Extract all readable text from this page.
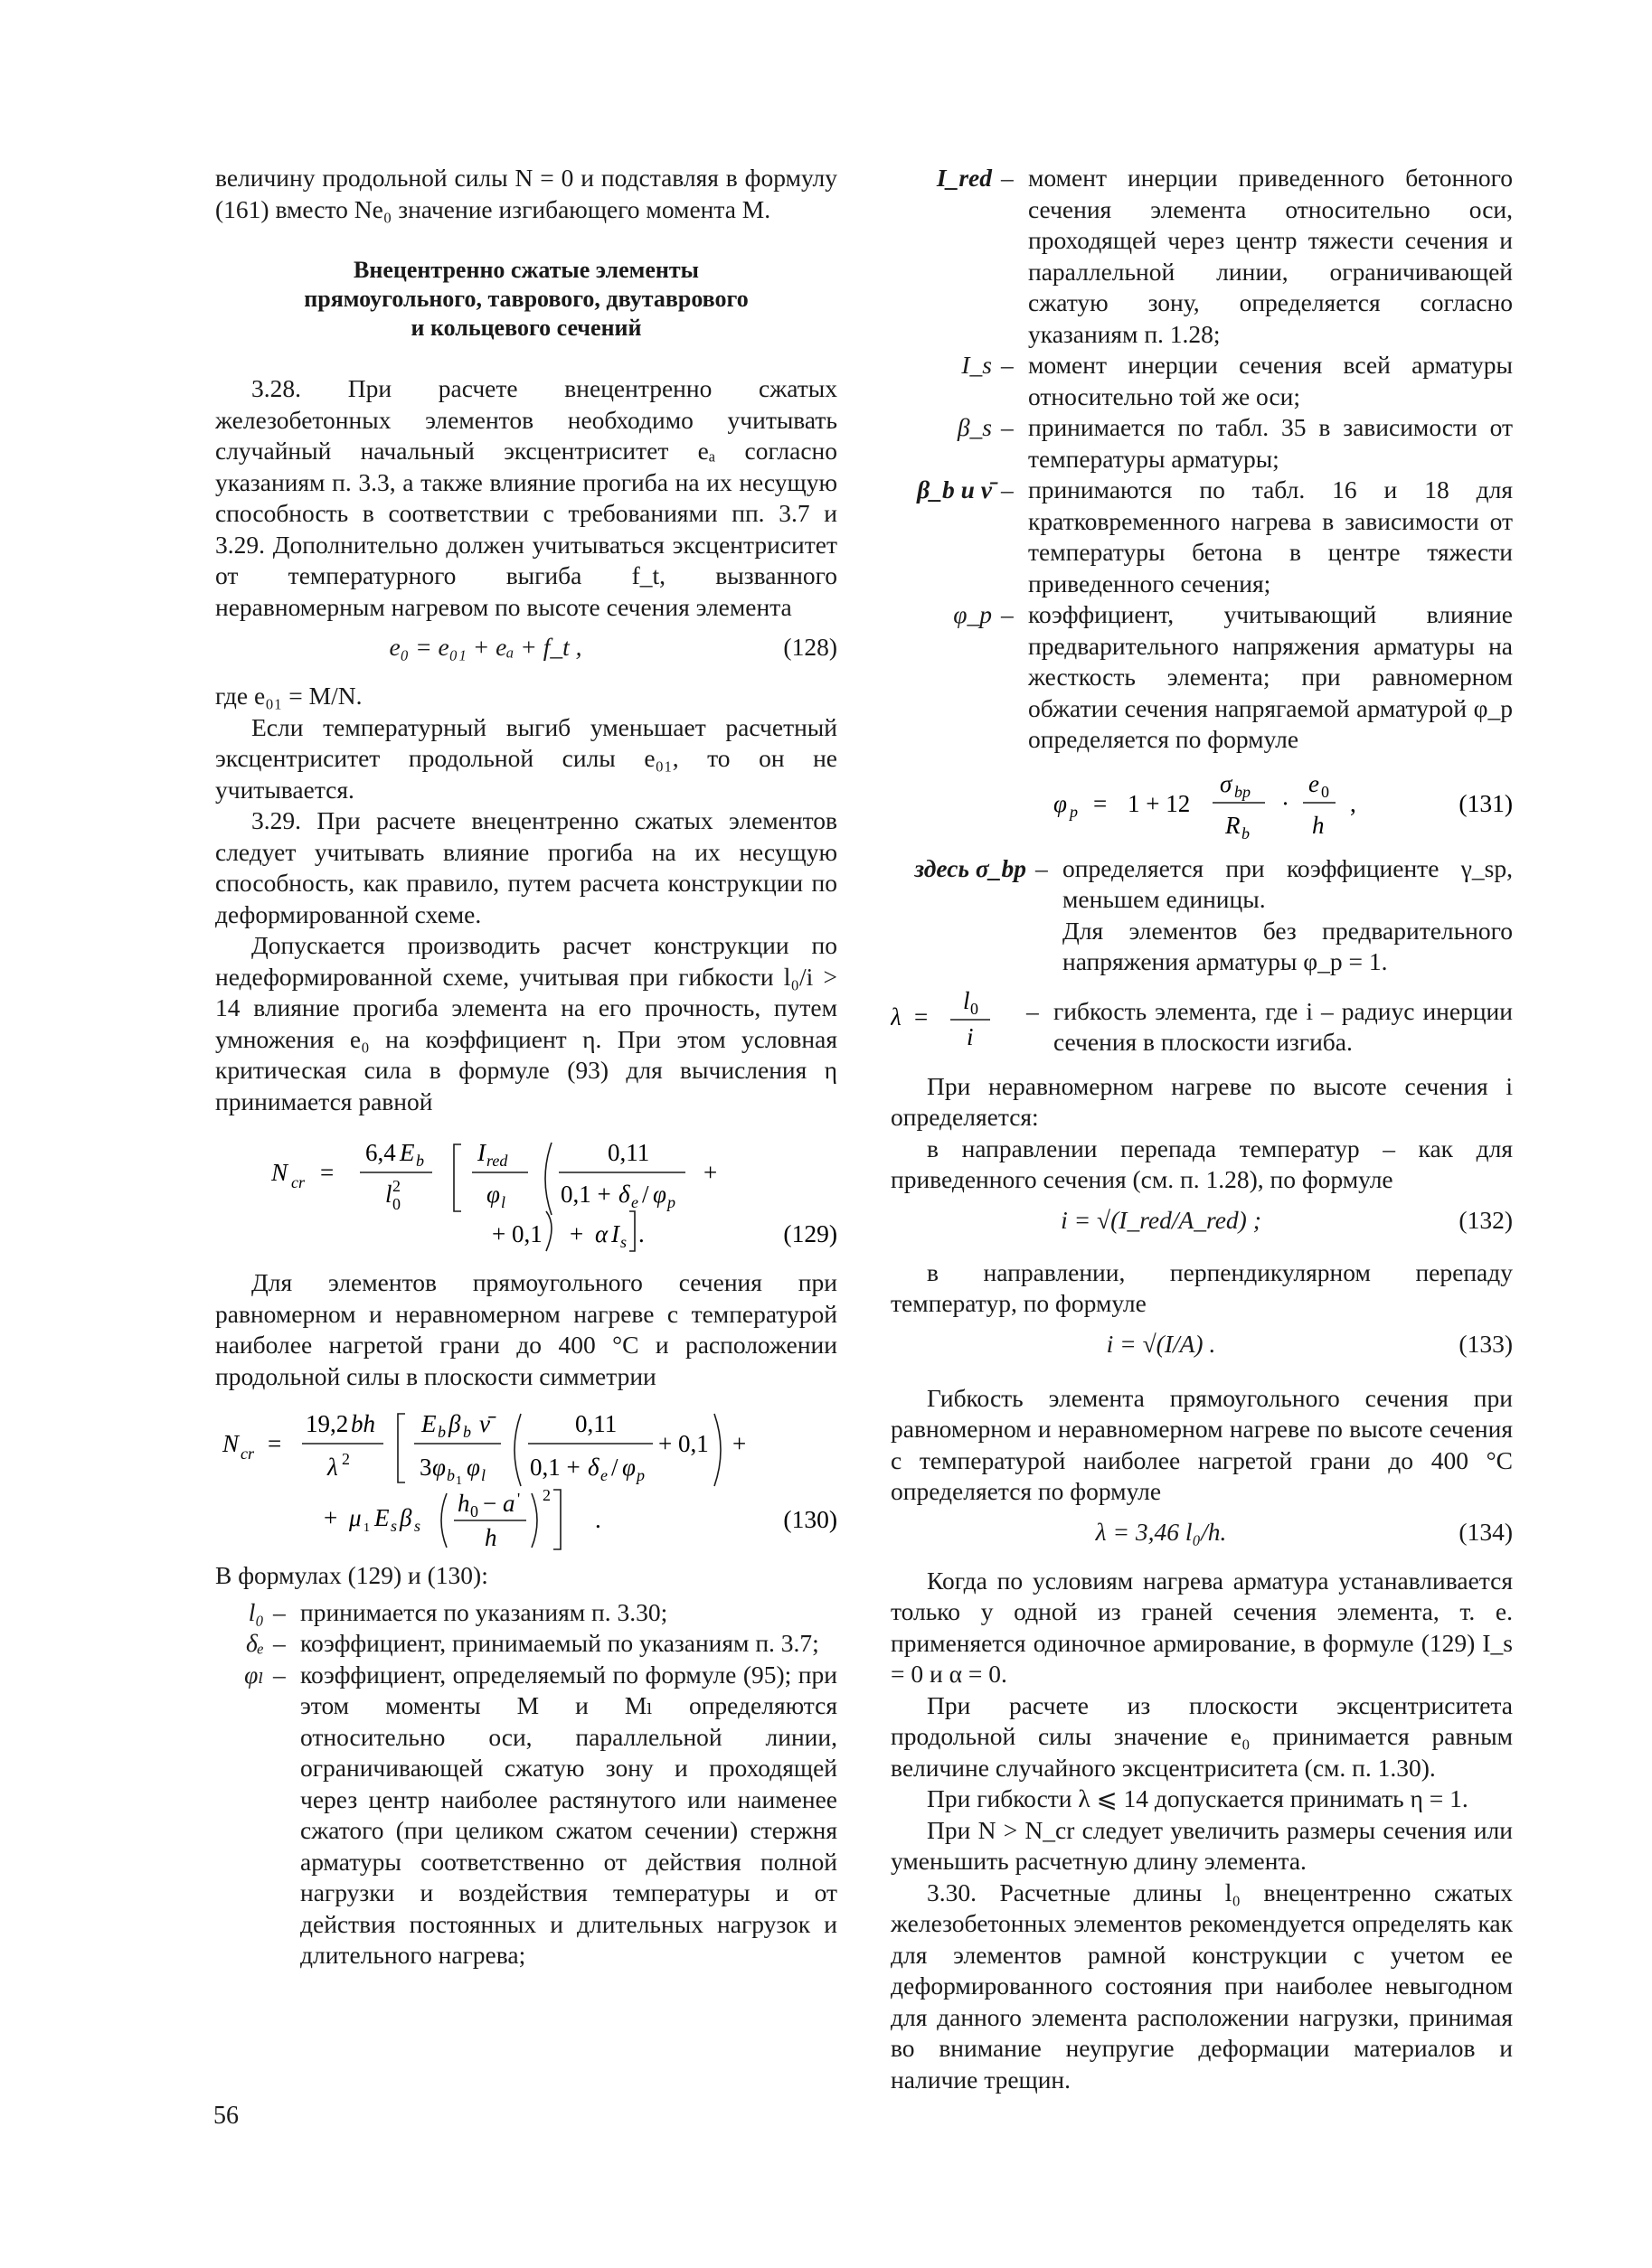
величину продольной силы N = 0 и подставляя в формулу (161) вместо Ne₀ значение изгибающего момента M.

Внецентренно сжатые элементы
прямоугольного, таврового, двутаврового
и кольцевого сечений

3.28. При расчете внецентренно сжатых железобетонных элементов необходимо учитывать случайный начальный эксцентриситет eₐ согласно указаниям п. 3.3, а также влияние прогиба на их несущую способность в соответствии с требованиями пп. 3.7 и 3.29. Дополнительно должен учитываться эксцентриситет от температурного выгиба f_t, вызванного неравномерным нагревом по высоте сечения элемента

e₀ = e₀₁ + eₐ + f_t ,	(128)

где e₀₁ = M/N.

Если температурный выгиб уменьшает расчетный эксцентриситет продольной силы e₀₁, то он не учитывается.

3.29. При расчете внецентренно сжатых элементов следует учитывать влияние прогиба на их несущую способность, как правило, путем расчета конструкции по деформированной схеме.

Допускается производить расчет конструкции по недеформированной схеме, учитывая при гибкости l₀/i > 14 влияние прогиба элемента на его прочность, путем умножения e₀ на коэффициент η. При этом условная критическая сила в формуле (93) для вычисления η принимается равной

N cr =
6,4 E b
l 0
2
I red
φ l
0,11
0,1 + δ e / φ p
+
+ 0,1 + α I s .	(129)

Для элементов прямоугольного сечения при равномерном и неравномерном нагреве с температурой наиболее нагретой грани до 400 °C и расположении продольной силы в плоскости симметрии

N cr =
19,2 bh
λ 2
E b β b ν̄
3 φ b 1
φ l
0,11
0,1 + δ e / φ p
+ 0,1 +
+ μ 1 E s β s
h 0 − a '
h
2
.	(130)

В формулах (129) и (130):

l₀ – принимается по указаниям п. 3.30;
δₑ – коэффициент, принимаемый по указаниям п. 3.7;
φₗ – коэффициент, определяемый по формуле (95); при этом моменты M и Mₗ определяются относительно оси, параллельной линии, ограничивающей сжатую зону и проходящей через центр наиболее растянутого или наименее сжатого (при целиком сжатом сечении) стержня арматуры соответственно от действия полной нагрузки и воздействия температуры и от действия постоянных и длительных нагрузок и длительного нагрева;
I_red – момент инерции приведенного бетонного сечения элемента относительно оси, проходящей через центр тяжести сечения и параллельной линии, ограничивающей сжатую зону, определяется согласно указаниям п. 1.28;
I_s – момент инерции сечения всей арматуры относительно той же оси;
β_s – принимается по табл. 35 в зависимости от температуры арматуры;
β_b и ν̄ – принимаются по табл. 16 и 18 для кратковременного нагрева в зависимости от температуры бетона в центре тяжести приведенного сечения;
φ_p – коэффициент, учитывающий влияние предварительного напряжения арматуры на жесткость элемента; при равномерном обжатии сечения напрягаемой арматурой φ_p определяется по формуле
φ p = 1 + 12
σ bp
R b
·
e 0
h
,	(131)
здесь σ_bp – определяется при коэффициенте γ_sp, меньшем единицы.
Для элементов без предварительного напряжения арматуры φ_p = 1.
λ =
l 0
i
– гибкость элемента, где i – радиус инерции сечения в плоскости изгиба.

При неравномерном нагреве по высоте сечения i определяется:

в направлении перепада температур – как для приведенного сечения (см. п. 1.28), по формуле

i = √(I_red/A_red) ;	(132)

в направлении, перпендикулярном перепаду температур, по формуле

i = √(I/A) .	(133)

Гибкость элемента прямоугольного сечения при равномерном и неравномерном нагреве по высоте сечения с температурой наиболее нагретой грани до 400 °C определяется по формуле

λ = 3,46 l₀/h.	(134)

Когда по условиям нагрева арматура устанавливается только у одной из граней сечения элемента, т. е. применяется одиночное армирование, в формуле (129) I_s = 0 и α = 0.

При расчете из плоскости эксцентриситета продольной силы значение e₀ принимается равным величине случайного эксцентриситета (см. п. 1.30).

При гибкости λ ⩽ 14 допускается принимать η = 1.

При N > N_cr следует увеличить размеры сечения или уменьшить расчетную длину элемента.

3.30. Расчетные длины l₀ внецентренно сжатых железобетонных элементов рекомендуется определять как для элементов рамной конструкции с учетом ее деформированного состояния при наиболее невыгодном для данного элемента расположении нагрузки, принимая во внимание неупругие деформации материалов и наличие трещин.

56
